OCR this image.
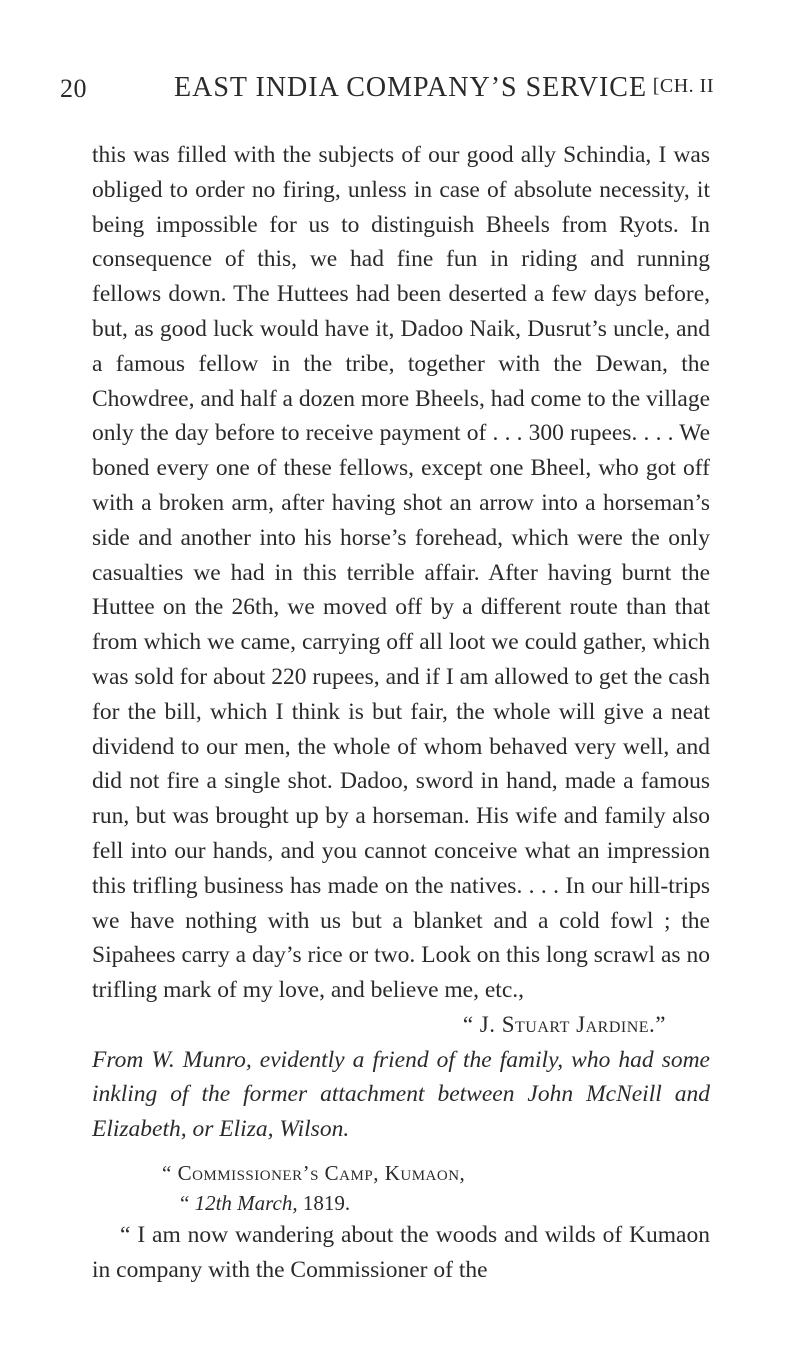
20	EAST INDIA COMPANY’S SERVICE [CH. II

this was filled with the subjects of our good ally Schindia, I was obliged to order no firing, unless in case of absolute necessity, it being impossible for us to distinguish Bheels from Ryots. In consequence of this, we had fine fun in riding and running fellows down. The Huttees had been deserted a few days before, but, as good luck would have it, Dadoo Naik, Dusrut’s uncle, and a famous fellow in the tribe, together with the Dewan, the Chowdree, and half a dozen more Bheels, had come to the village only the day before to receive payment of . . . 300 rupees. . . . We boned every one of these fellows, except one Bheel, who got off with a broken arm, after having shot an arrow into a horseman’s side and another into his horse’s forehead, which were the only casualties we had in this terrible affair. After having burnt the Huttee on the 26th, we moved off by a different route than that from which we came, carrying off all loot we could gather, which was sold for about 220 rupees, and if I am allowed to get the cash for the bill, which I think is but fair, the whole will give a neat dividend to our men, the whole of whom behaved very well, and did not fire a single shot. Dadoo, sword in hand, made a famous run, but was brought up by a horseman. His wife and family also fell into our hands, and you cannot conceive what an impression this trifling business has made on the natives. . . . In our hill-trips we have nothing with us but a blanket and a cold fowl ; the Sipahees carry a day’s rice or two. Look on this long scrawl as no trifling mark of my love, and believe me, etc.,

“ J. Stuart Jardine.”

From W. Munro, evidently a friend of the family, who had some inkling of the former attachment between John McNeill and Elizabeth, or Eliza, Wilson.

“ Commissioner’s Camp, Kumaon,
“ 12th March, 1819.

“ I am now wandering about the woods and wilds of Kumaon in company with the Commissioner of the
